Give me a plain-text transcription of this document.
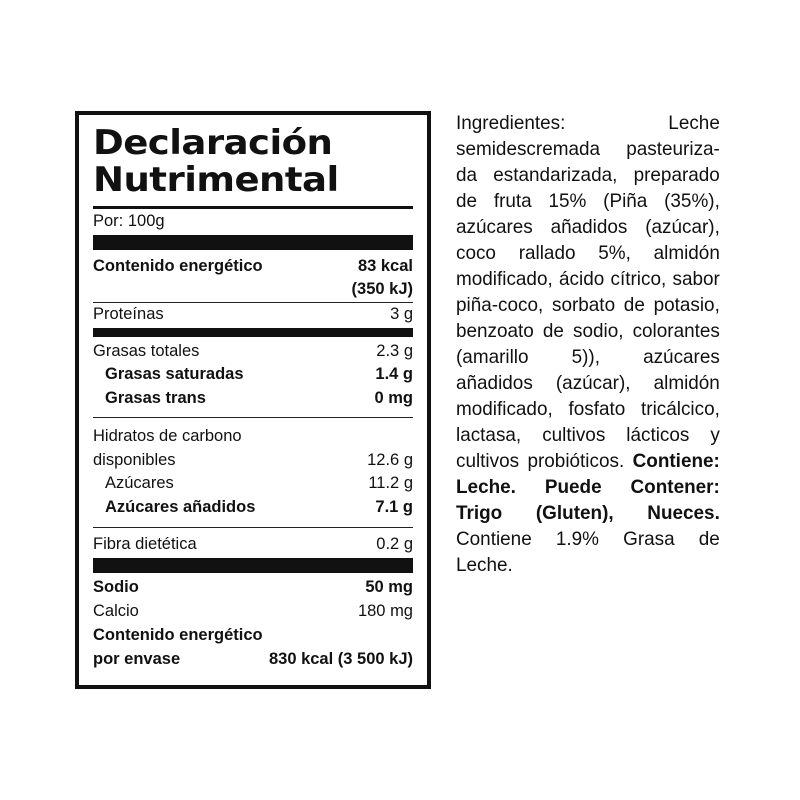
Declaración
Nutrimental
Por: 100g
Contenido energético	83 kcal
(350 kJ)
Proteínas	3 g
Grasas totales	2.3 g
Grasas saturadas	1.4 g
Grasas trans	0 mg
Hidratos de carbono
disponibles	12.6 g
Azúcares	11.2 g
Azúcares añadidos	7.1 g
Fibra dietética	0.2 g
Sodio	50 mg
Calcio	180 mg
Contenido energético
por envase	830 kcal (3 500 kJ)
Ingredientes: Leche semidescremada pasteuriza-da estandarizada, preparado de fruta 15% (Piña (35%), azúcares añadidos (azúcar), coco rallado 5%, almidón modificado, ácido cítrico, sabor piña-coco, sorbato de potasio, benzoato de sodio, colorantes (amarillo 5)), azúcares añadidos (azúcar), almidón modificado, fosfato tricálcico, lactasa, cultivos lácticos y cultivos probióticos. Contiene: Leche. Puede Contener: Trigo (Gluten), Nueces. Contiene 1.9% Grasa de Leche.
